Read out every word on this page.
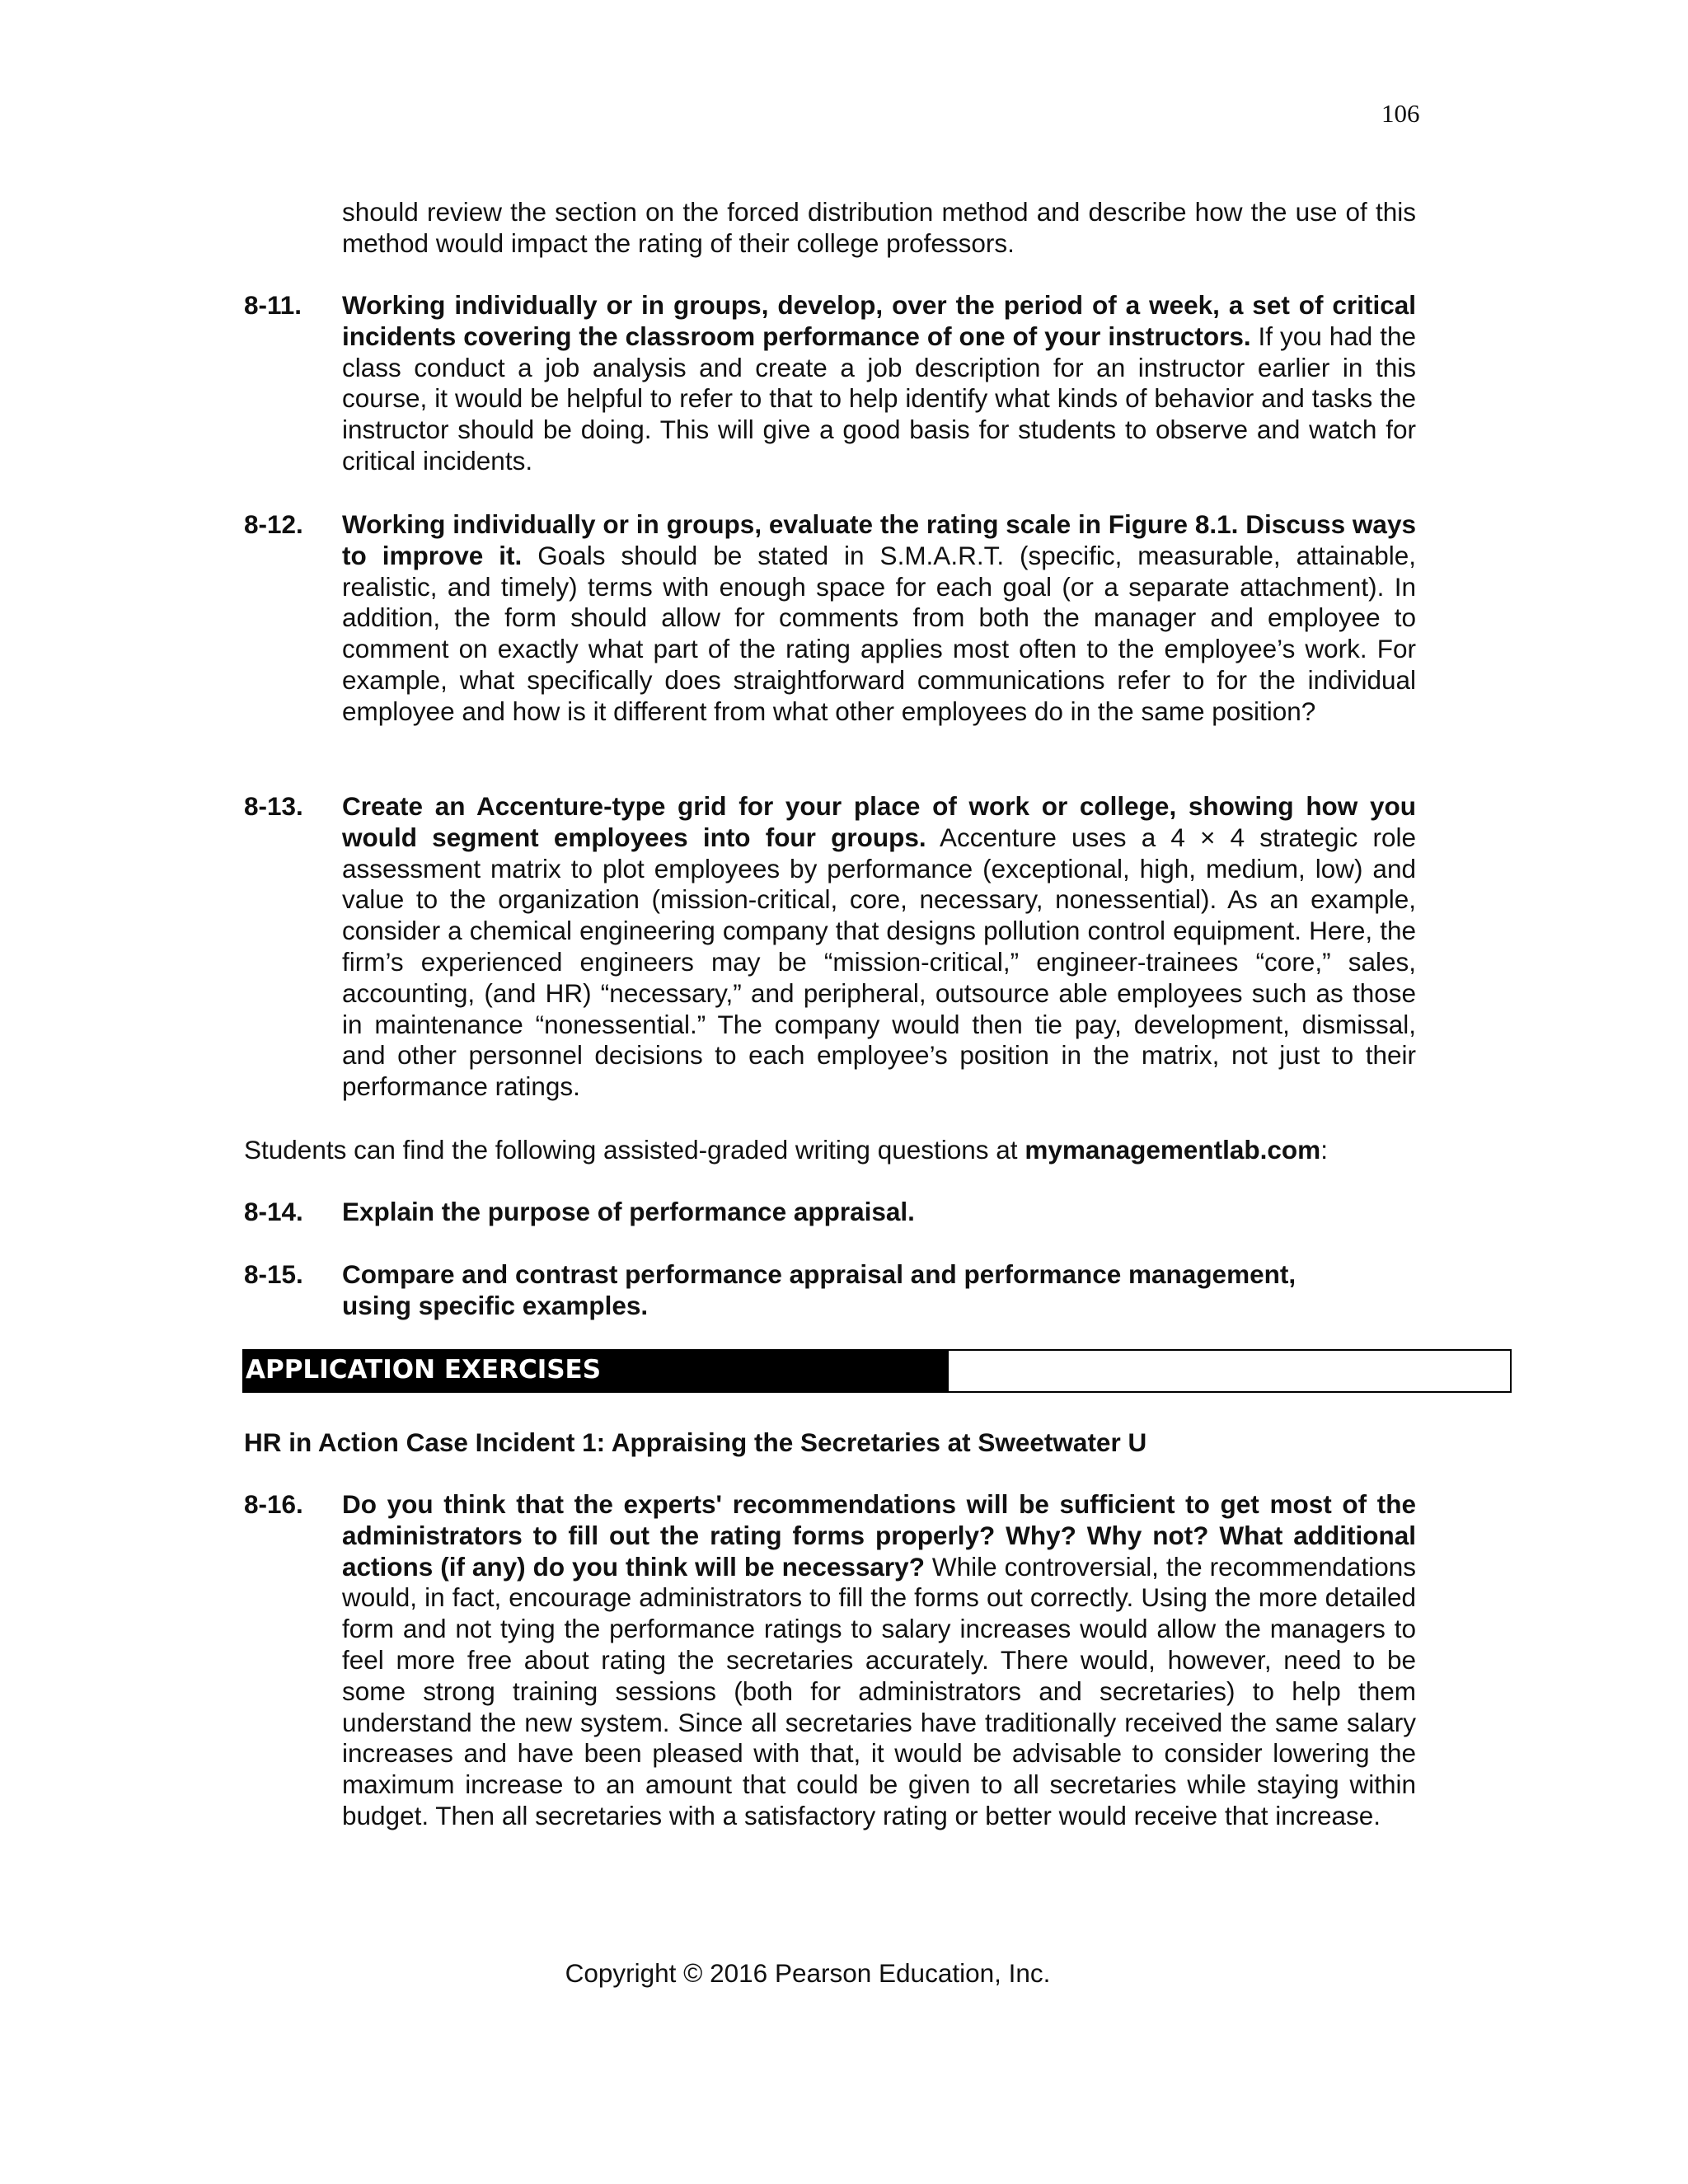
106
should review the section on the forced distribution method and describe how the use of this method would impact the rating of their college professors.
8-11. Working individually or in groups, develop, over the period of a week, a set of critical incidents covering the classroom performance of one of your instructors. If you had the class conduct a job analysis and create a job description for an instructor earlier in this course, it would be helpful to refer to that to help identify what kinds of behavior and tasks the instructor should be doing. This will give a good basis for students to observe and watch for critical incidents.
8-12. Working individually or in groups, evaluate the rating scale in Figure 8.1. Discuss ways to improve it. Goals should be stated in S.M.A.R.T. (specific, measurable, attainable, realistic, and timely) terms with enough space for each goal (or a separate attachment). In addition, the form should allow for comments from both the manager and employee to comment on exactly what part of the rating applies most often to the employee’s work. For example, what specifically does straightforward communications refer to for the individual employee and how is it different from what other employees do in the same position?
8-13. Create an Accenture-type grid for your place of work or college, showing how you would segment employees into four groups. Accenture uses a 4 × 4 strategic role assessment matrix to plot employees by performance (exceptional, high, medium, low) and value to the organization (mission-critical, core, necessary, nonessential). As an example, consider a chemical engineering company that designs pollution control equipment. Here, the firm’s experienced engineers may be “mission-critical,” engineer-trainees “core,” sales, accounting, (and HR) “necessary,” and peripheral, outsource able employees such as those in maintenance “nonessential.” The company would then tie pay, development, dismissal, and other personnel decisions to each employee’s position in the matrix, not just to their performance ratings.
Students can find the following assisted-graded writing questions at mymanagementlab.com:
8-14. Explain the purpose of performance appraisal.
8-15. Compare and contrast performance appraisal and performance management,
using specific examples.
APPLICATION EXERCISES
HR in Action Case Incident 1: Appraising the Secretaries at Sweetwater U
8-16. Do you think that the experts' recommendations will be sufficient to get most of the administrators to fill out the rating forms properly? Why? Why not? What additional actions (if any) do you think will be necessary? While controversial, the recommendations would, in fact, encourage administrators to fill the forms out correctly. Using the more detailed form and not tying the performance ratings to salary increases would allow the managers to feel more free about rating the secretaries accurately. There would, however, need to be some strong training sessions (both for administrators and secretaries) to help them understand the new system. Since all secretaries have traditionally received the same salary increases and have been pleased with that, it would be advisable to consider lowering the maximum increase to an amount that could be given to all secretaries while staying within budget. Then all secretaries with a satisfactory rating or better would receive that increase.
Copyright © 2016 Pearson Education, Inc.
